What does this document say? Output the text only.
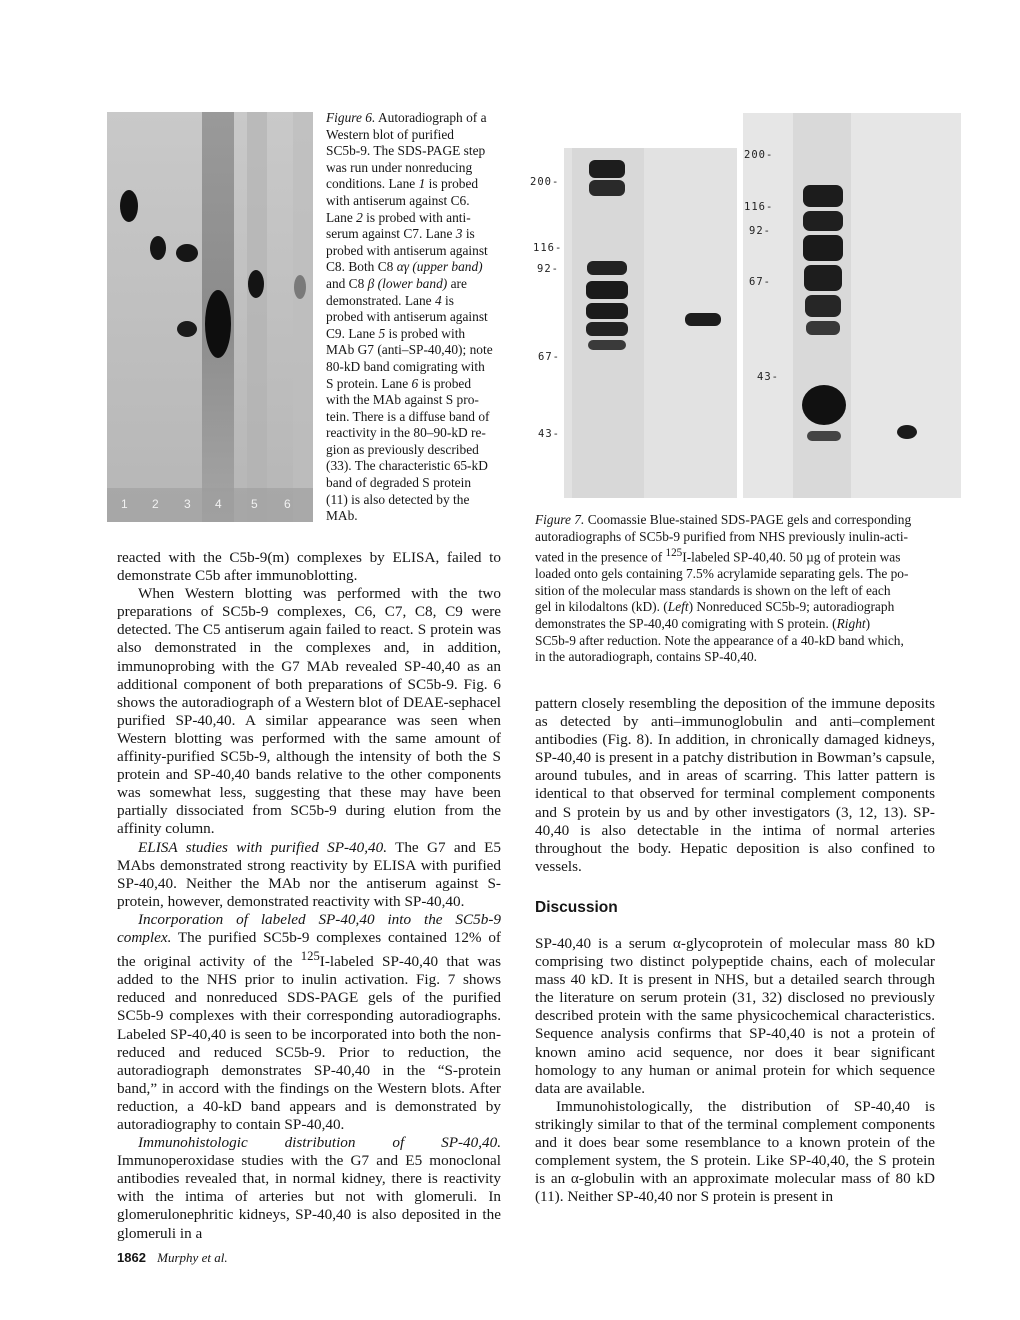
1 2 3 4 5 6
Figure 6. Autoradiograph of a
Western blot of purified
SC5b-9. The SDS-PAGE step
was run under nonreducing
conditions. Lane 1 is probed
with antiserum against C6.
Lane 2 is probed with anti-
serum against C7. Lane 3 is
probed with antiserum against
C8. Both C8 αγ (upper band)
and C8 β (lower band) are
demonstrated. Lane 4 is
probed with antiserum against
C9. Lane 5 is probed with
MAb G7 (anti–SP-40,40); note
80-kD band comigrating with
S protein. Lane 6 is probed
with the MAb against S pro-
tein. There is a diffuse band of
reactivity in the 80–90-kD re-
gion as previously described
(33). The characteristic 65-kD
band of degraded S protein
(11) is also detected by the
MAb.
200-
116-
92-
67-
43-
200-
116-
92-
67-
43-
Figure 7. Coomassie Blue-stained SDS-PAGE gels and corresponding
autoradiographs of SC5b-9 purified from NHS previously inulin-acti-
vated in the presence of $^{125}$I-labeled SP-40,40. 50 µg of protein was
loaded onto gels containing 7.5% acrylamide separating gels. The po-
sition of the molecular mass standards is shown on the left of each
gel in kilodaltons (kD). (Left) Nonreduced SC5b-9; autoradiograph
demonstrates the SP-40,40 comigrating with S protein. (Right)
SC5b-9 after reduction. Note the appearance of a 40-kD band which,
in the autoradiograph, contains SP-40,40.

reacted with the C5b-9(m) complexes by ELISA, failed to demonstrate C5b after immunoblotting.

When Western blotting was performed with the two preparations of SC5b-9 complexes, C6, C7, C8, C9 were detected. The C5 antiserum again failed to react. S protein was also demonstrated in the complexes and, in addition, immunoprobing with the G7 MAb revealed SP-40,40 as an additional component of both preparations of SC5b-9. Fig. 6 shows the autoradiograph of a Western blot of DEAE-sephacel purified SP-40,40. A similar appearance was seen when Western blotting was performed with the same amount of affinity-purified SC5b-9, although the intensity of both the S protein and SP-40,40 bands relative to the other components was somewhat less, suggesting that these may have been partially dissociated from SC5b-9 during elution from the affinity column.

ELISA studies with purified SP-40,40. The G7 and E5 MAbs demonstrated strong reactivity by ELISA with purified SP-40,40. Neither the MAb nor the antiserum against S-protein, however, demonstrated reactivity with SP-40,40.

Incorporation of labeled SP-40,40 into the SC5b-9 complex. The purified SC5b-9 complexes contained 12% of the original activity of the $^{125}$I-labeled SP-40,40 that was added to the NHS prior to inulin activation. Fig. 7 shows reduced and nonreduced SDS-PAGE gels of the purified SC5b-9 complexes with their corresponding autoradiographs. Labeled SP-40,40 is seen to be incorporated into both the non-reduced and reduced SC5b-9. Prior to reduction, the autoradiograph demonstrates SP-40,40 in the “S-protein band,” in accord with the findings on the Western blots. After reduction, a 40-kD band appears and is demonstrated by autoradiography to contain SP-40,40.

Immunohistologic distribution of SP-40,40. Immunoperoxidase studies with the G7 and E5 monoclonal antibodies revealed that, in normal kidney, there is reactivity with the intima of arteries but not with glomeruli. In glomerulonephritic kidneys, SP-40,40 is also deposited in the glomeruli in a

pattern closely resembling the deposition of the immune deposits as detected by anti–immunoglobulin and anti–complement antibodies (Fig. 8). In addition, in chronically damaged kidneys, SP-40,40 is present in a patchy distribution in Bowman’s capsule, around tubules, and in areas of scarring. This latter pattern is identical to that observed for terminal complement components and S protein by us and by other investigators (3, 12, 13). SP-40,40 is also detectable in the intima of normal arteries throughout the body. Hepatic deposition is also confined to vessels.

Discussion

SP-40,40 is a serum α-glycoprotein of molecular mass 80 kD comprising two distinct polypeptide chains, each of molecular mass 40 kD. It is present in NHS, but a detailed search through the literature on serum protein (31, 32) disclosed no previously described protein with the same physicochemical characteristics. Sequence analysis confirms that SP-40,40 is not a protein of known amino acid sequence, nor does it bear significant homology to any human or animal protein for which sequence data are available.

Immunohistologically, the distribution of SP-40,40 is strikingly similar to that of the terminal complement components and it does bear some resemblance to a known protein of the complement system, the S protein. Like SP-40,40, the S protein is an α-globulin with an approximate molecular mass of 80 kD (11). Neither SP-40,40 nor S protein is present in

1862 Murphy et al.
